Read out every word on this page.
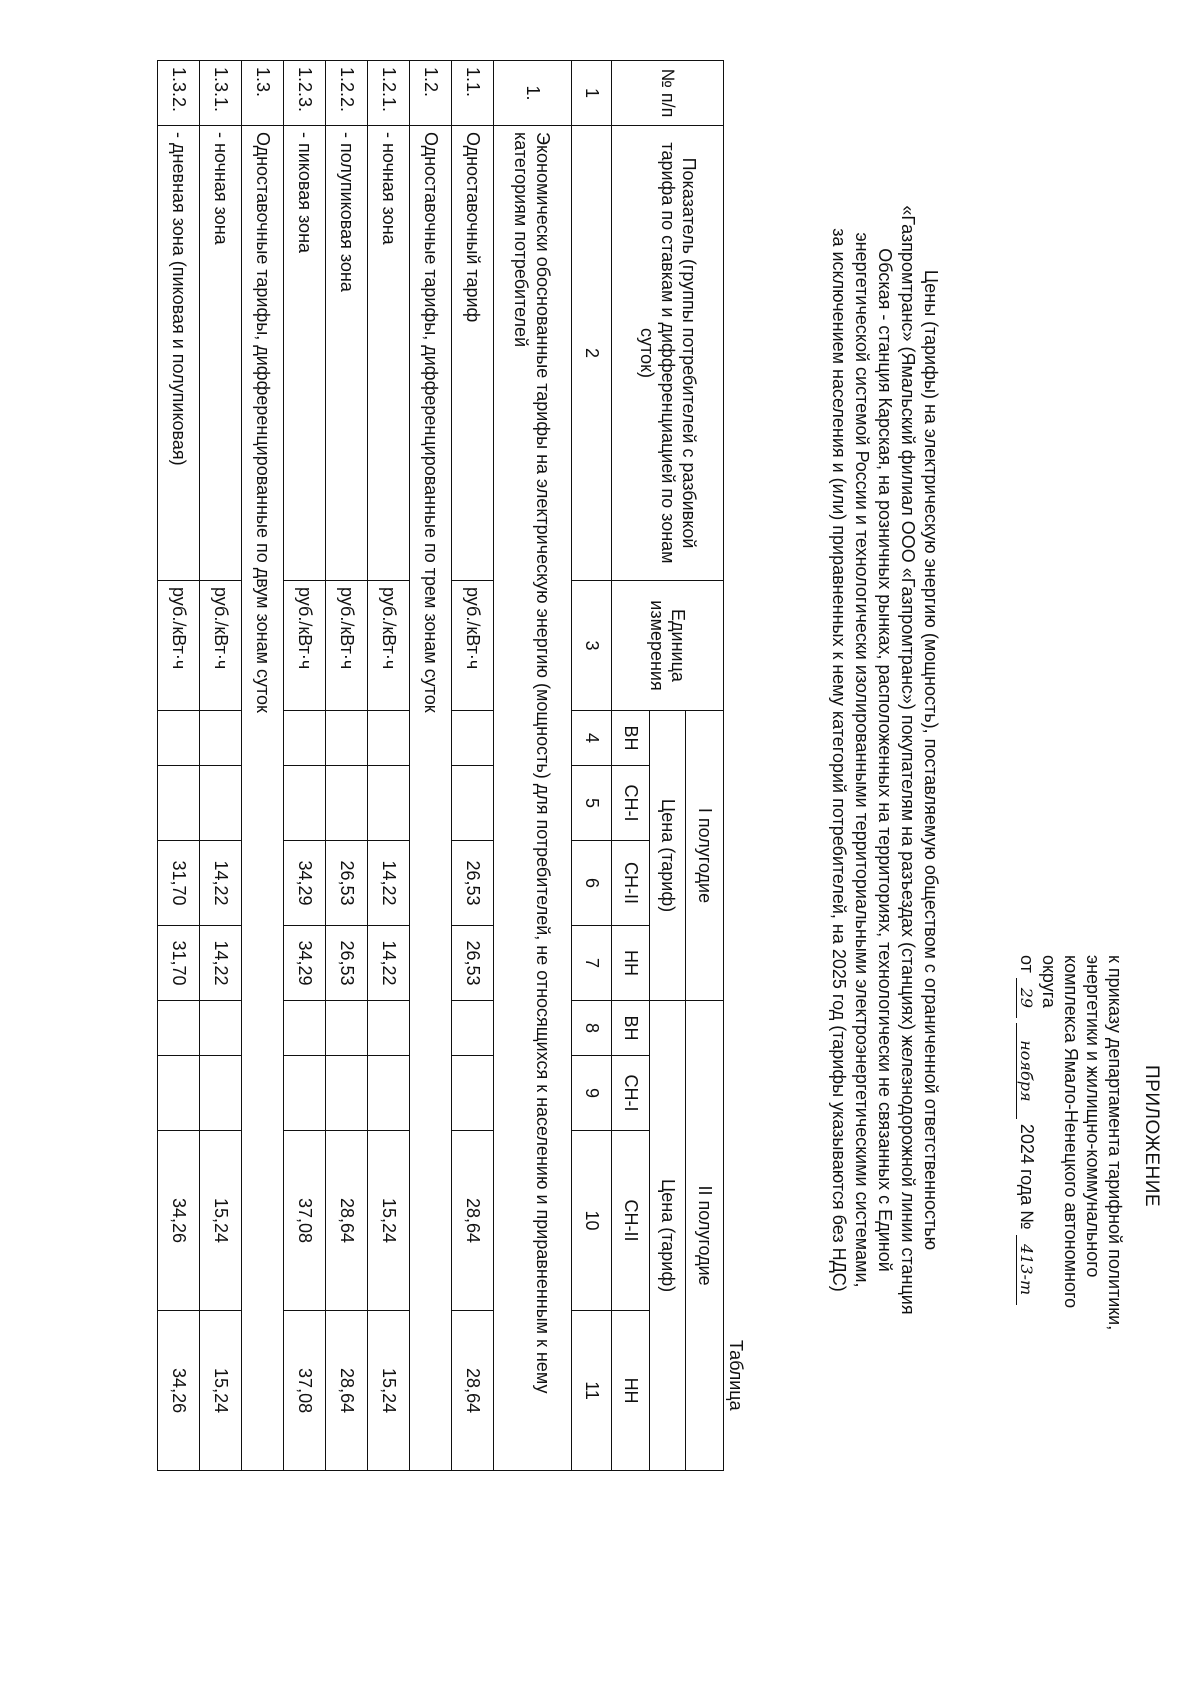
ПРИЛОЖЕНИЕ
к приказу департамента тарифной политики,
энергетики и жилищно-коммунального
комплекса Ямало-Ненецкого автономного
округа
от 29 ноября 2024 года № 413-т
Цены (тарифы) на электрическую энергию (мощность), поставляемую обществом с ограниченной ответственностью
«Газпромтранс» (Ямальский филиал ООО «Газпромтранс») покупателям на разъездах (станциях) железнодорожной линии станция
Обская - станция Карская, на розничных рынках, расположенных на территориях, технологически не связанных с Единой
энергетической системой России и технологически изолированными территориальными электроэнергетическими системами,
за исключением населения и (или) приравненных к нему категорий потребителей, на 2025 год (тарифы указываются без НДС)
Таблица
№ п/п	Показатель (группы потребителей с разбивкой тарифа по ставкам и дифференциацией по зонам суток)	Единица измерения	I полугодие				II полугодие			
			Цена (тариф)				Цена (тариф)			
			ВН	СН-I	СН-II	НН	ВН	СН-I	СН-II	НН
1	2	3	4	5	6	7	8	9	10	11
1.	Экономически обоснованные тарифы на электрическую энергию (мощность) для потребителей, не относящихся к населению и приравненным к нему категориям потребителей									
1.1.	Одноставочный тариф	руб./кВт·ч			26,53	26,53			28,64	28,64
1.2.	Одноставочные тарифы, дифференцированные по трем зонам суток									
1.2.1.	- ночная зона	руб./кВт·ч			14,22	14,22			15,24	15,24
1.2.2.	- полупиковая зона	руб./кВт·ч			26,53	26,53			28,64	28,64
1.2.3.	- пиковая зона	руб./кВт·ч			34,29	34,29			37,08	37,08
1.3.	Одноставочные тарифы, дифференцированные по двум зонам суток									
1.3.1.	- ночная зона	руб./кВт·ч			14,22	14,22			15,24	15,24
1.3.2.	- дневная зона (пиковая и полупиковая)	руб./кВт·ч			31,70	31,70			34,26	34,26
